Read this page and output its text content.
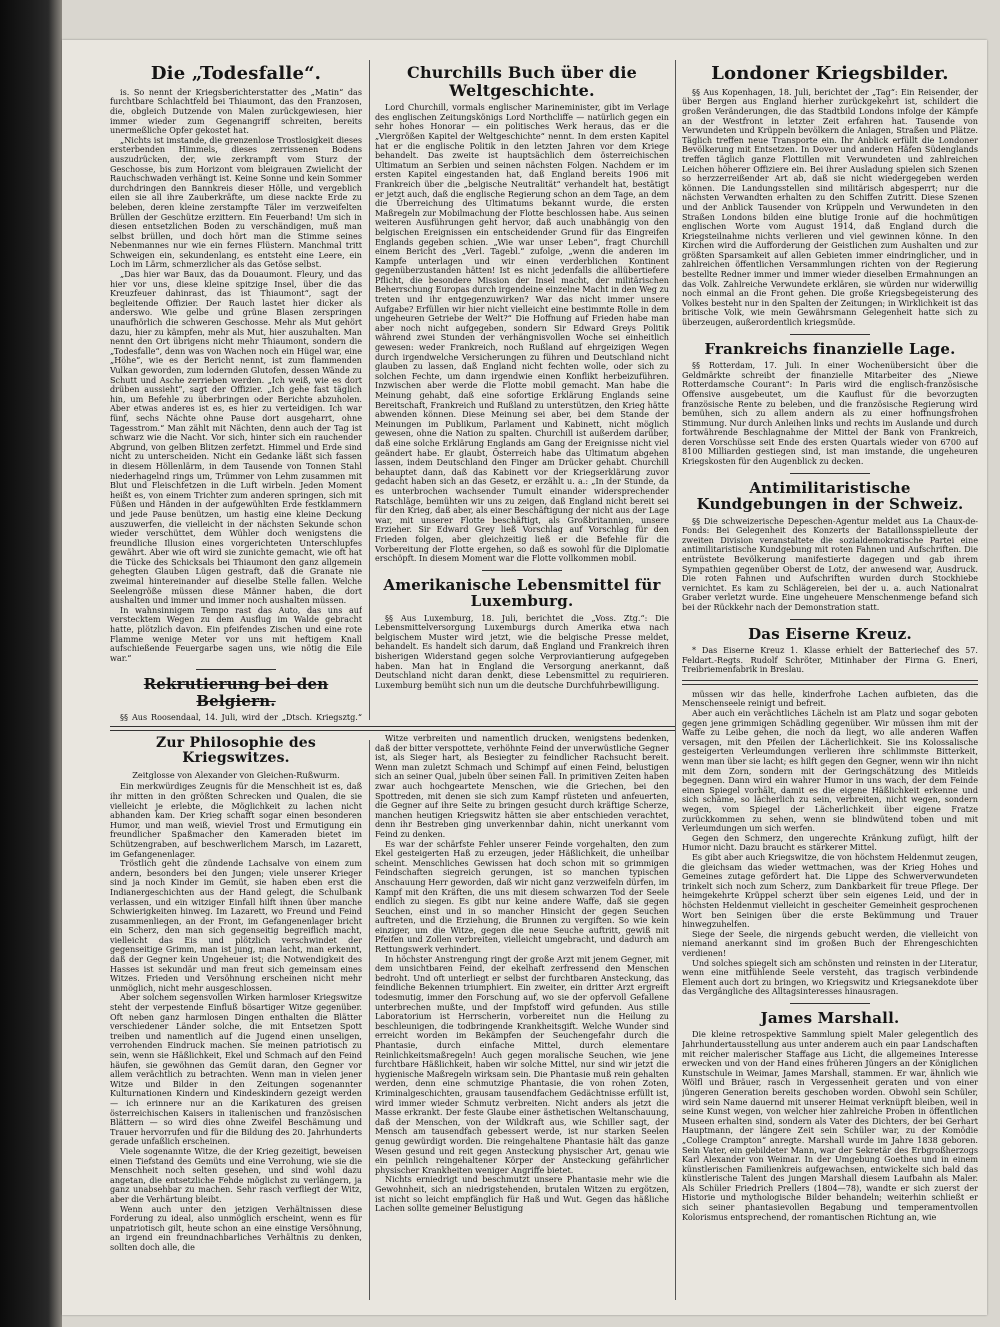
Die „Todesfalle“.

is. So nennt der Kriegsberichterstatter des „Matin“ das furchtbare Schlachtfeld bei Thiaumont, das den Franzosen, die, obgleich Dutzende von Malen zurückgewiesen, hier immer wieder zum Gegenangriff schreiten, bereits unermeßliche Opfer gekostet hat.

„Nichts ist imstande, die grenzenlose Trostlosigkeit dieses ersterbenden Himmels, dieses zerrissenen Bodens auszudrücken, der, wie zerkrampft vom Sturz der Geschosse, bis zum Horizont vom bleigrauen Zwielicht der Rauchschwaden verhängt ist. Keine Sonne und kein Sommer durchdringen den Bannkreis dieser Hölle, und vergeblich eilen sie all ihre Zauberkräfte, um diese nackte Erde zu beleben, deren kleine zerstampfte Täler im verzweifelten Brüllen der Geschütze erzittern. Ein Feuerband! Um sich in diesen entsetzlichen Boden zu verschändigen, muß man selbst brüllen, und doch hört man die Stimme seines Nebenmannes nur wie ein fernes Flüstern. Manchmal tritt Schweigen ein, sekundenlang, es entsteht eine Leere, ein Loch im Lärm, schmerzlicher als das Getöse selbst.

„Das hier war Baux, das da Douaumont. Fleury, und das hier vor uns, diese kleine spitzige Insel, über die das Kreuzfeuer dahinrast, das ist Thiaumont“, sagt der begleitende Offizier. Der Rauch lastet hier dicker als anderswo. Wie gelbe und grüne Blasen zerspringen unaufhörlich die schweren Geschosse. Mehr als Mut gehört dazu, hier zu kämpfen, mehr als Mut, hier auszuhalten. Man nennt den Ort übrigens nicht mehr Thiaumont, sondern die „Todesfalle“, denn was von Wachen noch ein Hügel war, eine „Höhe“, wie es der Bericht nennt, ist zum flammenden Vulkan geworden, zum lodernden Glutofen, dessen Wände zu Schutt und Asche zerrieben werden. „Ich weiß, wie es dort drüben aussieht“, sagt der Offizier. „Ich gehe fast täglich hin, um Befehle zu überbringen oder Berichte abzuholen. Aber etwas anderes ist es, es hier zu verteidigen. Ich war fünf, sechs Nächte ohne Pause dort ausgeharrt, ohne Tagesstrom.“ Man zählt mit Nächten, denn auch der Tag ist schwarz wie die Nacht. Vor sich, hinter sich ein rauchender Abgrund, von gelben Blitzen zerfetzt. Himmel und Erde sind nicht zu unterscheiden. Nicht ein Gedanke läßt sich fassen in diesem Höllenlärm, in dem Tausende von Tonnen Stahl niederhagelnd rings um, Trümmer von Lehm zusammen mit Blut und Fleischfetzen in die Luft wirbeln. Jeden Moment heißt es, von einem Trichter zum anderen springen, sich mit Füßen und Händen in der aufgewühlten Erde festklammern und jede Pause benützen, um hastig eine kleine Deckung auszuwerfen, die vielleicht in der nächsten Sekunde schon wieder verschüttet, dem Wühler doch wenigstens die freundliche Illusion eines vorgerichteten Unterschlupfes gewährt. Aber wie oft wird sie zunichte gemacht, wie oft hat die Tücke des Schicksals bei Thiaumont den ganz allgemein gehegten Glauben Lügen gestraft, daß die Granate nie zweimal hintereinander auf dieselbe Stelle fallen. Welche Seelengröße müssen diese Männer haben, die dort aushalten und immer und immer noch aushalten müssen.

In wahnsinnigem Tempo rast das Auto, das uns auf verstecktem Wegen zu dem Ausflug im Walde gebracht hatte, plötzlich davon. Ein pfeifendes Zischen und eine rote Flamme wenige Meter vor uns mit heftigem Knall aufschießende Feuergarbe sagen uns, wie nötig die Eile war.“

Rekrutierung bei den Belgiern.

§§ Aus Roosendaal, 14. Juli, wird der „Dtsch. Kriegsztg.“

Churchills Buch über die Weltgeschichte.

Lord Churchill, vormals englischer Marineminister, gibt im Verlage des englischen Zeitungskönigs Lord Northcliffe — natürlich gegen ein sehr hohes Honorar — ein politisches Werk heraus, das er die „Viergrößen Kapitel der Weltgeschichte“ nennt. In dem ersten Kapitel hat er die englische Politik in den letzten Jahren vor dem Kriege behandelt. Das zweite ist hauptsächlich dem österreichischen Ultimatum an Serbien und seinen nächsten Folgen. Nachdem er im ersten Kapitel eingestanden hat, daß England bereits 1906 mit Frankreich über die „belgische Neutralität“ verhandelt hat, bestätigt er jetzt auch, daß die englische Regierung schon an dem Tage, an dem die Überreichung des Ultimatums bekannt wurde, die ersten Maßregeln zur Mobilmachung der Flotte beschlossen habe. Aus seinen weiteren Ausführungen geht hervor, daß auch unabhängig von den belgischen Ereignissen ein entscheidender Grund für das Eingreifen Englands gegeben schien. „Wie war unser Leben“, fragt Churchill einem Bericht des „Verl. Tagebl.“ zufolge, „wenn die anderen im Kampfe unterlagen und wir einen verderblichen Kontinent gegenüberzustanden hätten! Ist es nicht jedenfalls die allübertiefere Pflicht, die besondere Mission der Insel macht, der militärischen Beherrschung Europas durch irgendeine einzelne Macht in den Weg zu treten und ihr entgegenzuwirken? War das nicht immer unsere Aufgabe? Erfüllen wir hier nicht vielleicht eine bestimmte Rolle in dem ungeheuren Getriebe der Welt?“ Die Hoffnung auf Frieden habe man aber noch nicht aufgegeben, sondern Sir Edward Greys Politik während zwei Stunden der verhängnisvollen Woche sei einheitlich gewesen: weder Frankreich, noch Rußland auf ehrgeizigen Wegen durch irgendwelche Versicherungen zu führen und Deutschland nicht glauben zu lassen, daß England nicht fechten wolle, oder sich zu solchen Fechte, um dann irgendwie einen Konflikt herbeizuführen. Inzwischen aber werde die Flotte mobil gemacht. Man habe die Meinung gehabt, daß eine sofortige Erklärung Englands seine Bereitschaft, Frankreich und Rußland zu unterstützen, den Krieg hätte abwenden können. Diese Meinung sei aber, bei dem Stande der Meinungen im Publikum, Parlament und Kabinett, nicht möglich gewesen, ohne die Nation zu spalten. Churchill ist außerdem darüber, daß eine solche Erklärung Englands am Gang der Ereignisse nicht viel geändert habe. Er glaubt, Österreich habe das Ultimatum abgehen lassen, indem Deutschland den Finger am Drücker gehabt. Churchill behauptet dann, daß das Kabinett vor der Kriegserklärung zuvor gedacht haben sich an das Gesetz, er erzählt u. a.: „In der Stunde, da es unterbrochen wachsender Tumult einander widersprechender Ratschläge, bemühten wir uns zu zeigen, daß England nicht bereit sei für den Krieg, daß aber, als einer Beschäftigung der nicht aus der Lage war, mit unserer Flotte beschäftigt, als Großbritannien, unsere Erzieher. Sir Edward Grey ließ Vorschlag auf Vorschlag für den Frieden folgen, aber gleichzeitig ließ er die Befehle für die Vorbereitung der Flotte ergehen, so daß es sowohl für die Diplomatie erschöpft. In diesem Moment war die Flotte vollkommen mobil.

Amerikanische Lebensmittel für Luxemburg.

§§ Aus Luxemburg, 18. Juli, berichtet die „Voss. Ztg.“: Die Lebensmittelversorgung Luxemburgs durch Amerika etwa nach belgischem Muster wird jetzt, wie die belgische Presse meldet, behandelt. Es handelt sich darum, daß England und Frankreich ihren bisherigen Widerstand gegen solche Verproviantierung aufgegeben haben. Man hat in England die Versorgung anerkannt, daß Deutschland nicht daran denkt, diese Lebensmittel zu requirieren. Luxemburg bemüht sich nun um die deutsche Durchfuhrbewilligung.

Londoner Kriegsbilder.

§§ Aus Kopenhagen, 18. Juli, berichtet der „Tag“: Ein Reisender, der über Bergen aus England hierher zurückgekehrt ist, schildert die großen Veränderungen, die das Stadtbild Londons infolge der Kämpfe an der Westfront in letzter Zeit erfahren hat. Tausende von Verwundeten und Krüppeln bevölkern die Anlagen, Straßen und Plätze. Täglich treffen neue Transporte ein. Ihr Anblick erfüllt die Londoner Bevölkerung mit Entsetzen. In Dover und anderen Häfen Südenglands treffen täglich ganze Flottillen mit Verwundeten und zahlreichen Leichen höherer Offiziere ein. Bei ihrer Ausladung spielen sich Szenen so herzzerreißender Art ab, daß sie nicht wiedergegeben werden können. Die Landungsstellen sind militärisch abgesperrt; nur die nächsten Verwandten erhalten zu den Schiffen Zutritt. Diese Szenen und der Anblick Tausender von Krüppeln und Verwundeten in den Straßen Londons bilden eine blutige Ironie auf die hochmütigen englischen Worte vom August 1914, daß England durch die Kriegsteilnahme nichts verlieren und viel gewinnen könne. In den Kirchen wird die Aufforderung der Geistlichen zum Aushalten und zur größten Sparsamkeit auf allen Gebieten immer eindringlicher, und in zahlreichen öffentlichen Versammlungen richten von der Regierung bestellte Redner immer und immer wieder dieselben Ermahnungen an das Volk. Zahlreiche Verwundete erklären, sie würden nur widerwillig noch einmal an die Front gehen. Die große Kriegsbegeisterung des Volkes besteht nur in den Spalten der Zeitungen; in Wirklichkeit ist das britische Volk, wie mein Gewährsmann Gelegenheit hatte sich zu überzeugen, außerordentlich kriegsmüde.

Frankreichs finanzielle Lage.

§§ Rotterdam, 17. Juli. In einer Wochenübersicht über die Geldmärkte schreibt der finanzielle Mitarbeiter des „Niewe Rotterdamsche Courant“: In Paris wird die englisch-französische Offensive ausgebeutet, um die Kauflust für die bevorzugten französische Rente zu beleben, und die französische Regierung wird bemühen, sich zu allem andern als zu einer hoffnungsfrohen Stimmung. Nur durch Anleihen links und rechts im Auslande und durch fortwährende Beschlagnahme der Mittel der Bank von Frankreich, deren Vorschüsse seit Ende des ersten Quartals wieder von 6700 auf 8100 Milliarden gestiegen sind, ist man imstande, die ungeheuren Kriegskosten für den Augenblick zu decken.

Antimilitaristische Kundgebungen in der Schweiz.

§§ Die schweizerische Depeschen-Agentur meldet aus La Chaux-de-Fonds: Bei Gelegenheit des Konzerts der Bataillonsspielleute der zweiten Division veranstaltete die sozialdemokratische Partei eine antimilitaristische Kundgebung mit roten Fahnen und Aufschriften. Die entrüstete Bevölkerung manifestierte dagegen und gab ihrem Sympathien gegenüber Oberst de Lotz, der anwesend war, Ausdruck. Die roten Fahnen und Aufschriften wurden durch Stockhiebe vernichtet. Es kam zu Schlägereien, bei der u. a. auch Nationalrat Graber verletzt wurde. Eine ungeheuere Menschenmenge befand sich bei der Rückkehr nach der Demonstration statt.

Das Eiserne Kreuz.

* Das Eiserne Kreuz 1. Klasse erhielt der Batteriechef des 57. Feldart.-Regts. Rudolf Schröter, Mitinhaber der Firma G. Eneri, Treibriemenfabrik in Breslau.

müssen wir das helle, kinderfrohe Lachen aufbieten, das die Menschenseele reinigt und befreit.

Aber auch ein verächtliches Lächeln ist am Platz und sogar geboten gegen jene grimmigen Schädling gegenüber. Wir müssen ihm mit der Waffe zu Leibe gehen, die noch da liegt, wo alle anderen Waffen versagen, mit den Pfeilen der Lächerlichkeit. Sie ins Kolossalische gesteigerten Verleumdungen verlieren ihre schlimmste Bitterkeit, wenn man über sie lacht; es hilft gegen den Gegner, wenn wir ihn nicht mit dem Zorn, sondern mit der Geringschätzung des Mitleids begegnen. Dann wird ein wahrer Humor in uns wach, der dem Feinde einen Spiegel vorhält, damit es die eigene Häßlichkeit erkenne und sich schäme, so lächerlich zu sein, verbreiten, nicht wegen, sondern wegen, vom Spiegel der Lächerlichkeit über eigene Fratze zurückkommen zu sehen, wenn sie blindwütend toben und mit Verleumdungen um sich werfen.

Gegen den Schmerz, den ungerechte Kränkung zufügt, hilft der Humor nicht. Dazu braucht es stärkerer Mittel.

Es gibt aber auch Kriegswitze, die von höchstem Heldenmut zeugen, die gleichsam das wieder wettmachen, was der Krieg Hohes und Gemeines zutage gefördert hat. Die Lippe des Schwerverwundeten trinkelt sich noch zum Scherz, zum Dankbarkeit für treue Pflege. Der heimgekehrte Krüppel scherzt über sein eigenes Leid, und der in höchsten Heldenmut vielleicht in gescheiter Gemeinheit gesprochenen Wort ben Seinigen über die erste Bekümmung und Trauer hinwegzuhelfen.

Siege der Seele, die nirgends gebucht werden, die vielleicht von niemand anerkannt sind im großen Buch der Ehrengeschichten verdienen!

Und solches spiegelt sich am schönsten und reinsten in der Literatur, wenn eine mitfühlende Seele versteht, das tragisch verbindende Element auch dort zu bringen, wo Kriegswitz und Kriegsanekdote über das Vergängliche des Alltagsinteresses hinausragen.

James Marshall.

Die kleine retrospektive Sammlung spielt Maler gelegentlich des Jahrhundertausstellung aus unter anderem auch ein paar Landschaften mit reicher malerischer Staffage aus Licht, die allgemeines Interesse erwecken und von der Hand eines früheren Jüngers an der Königlichen Kunstschule in Weimar, James Marshall, stammen. Er war, ähnlich wie Wölfl und Bräuer, rasch in Vergessenheit geraten und von einer jüngeren Generation bereits geschoben worden. Obwohl sein Schüler, wird sein Name dauernd mit unserer Heimat verknüpft bleiben, weil in seine Kunst wegen, von welcher hier zahlreiche Proben in öffentlichen Museen erhalten sind, sondern als Vater des Dichters, der bei Gerhart Hauptmann, der längere Zeit sein Schüler war, zu der Komödie „College Crampton“ anregte. Marshall wurde im Jahre 1838 geboren. Sein Vater, ein gebildeter Mann, war der Sekretär des Erbgroßherzogs Karl Alexander von Weimar. In der Umgebung Goethes und in einem künstlerischen Familienkreis aufgewachsen, entwickelte sich bald das künstlerische Talent des jungen Marshall diesem Laufbahn als Maler. Als Schüler Friedrich Prellers (1804—78), wandte er sich zuerst der Historie und mythologische Bilder behandeln; weiterhin schließt er sich seiner phantasievollen Begabung und temperamentvollen Kolorismus entsprechend, der romantischen Richtung an, wie

Zur Philosophie des Kriegswitzes.
Zeitglosse von Alexander von Gleichen-Rußwurm.

Ein merkwürdiges Zeugnis für die Menschheit ist es, daß ihr mitten in den größten Schrecken und Qualen, die sie vielleicht je erlebte, die Möglichkeit zu lachen nicht abhanden kam. Der Krieg schafft sogar einen besonderen Humor, und man weiß, wieviel Trost und Ermutigung ein freundlicher Spaßmacher den Kameraden bietet im Schützengraben, auf beschwerlichem Marsch, im Lazarett, im Gefangenenlager.

Tröstlich geht die zündende Lachsalve von einem zum andern, besonders bei den Jungen; viele unserer Krieger sind ja noch Kinder im Gemüt, sie haben eben erst die Indianergeschichten aus der Hand gelegt, die Schulbank verlassen, und ein witziger Einfall hilft ihnen über manche Schwierigkeiten hinweg. Im Lazarett, wo Freund und Feind zusammenliegen, an der Front, im Gefangenenlager bricht ein Scherz, den man sich gegenseitig begreiflich macht, vielleicht das Eis und plötzlich verschwindet der gegenseitige Grimm, man ist jung, man lacht, man erkennt, daß der Gegner kein Ungeheuer ist; die Notwendigkeit des Hasses ist sekundär und man freut sich gemeinsam eines Witzes. Frieden und Versöhnung erscheinen nicht mehr unmöglich, nicht mehr ausgeschlossen.

Aber solchem segensvollen Wirken harmloser Kriegswitze steht der verpestende Einfluß bösartiger Witze gegenüber. Oft neben ganz harmlosen Dingen enthalten die Blätter verschiedener Länder solche, die mit Entsetzen Spott treiben und namentlich auf die Jugend einen unseligen, verrohenden Eindruck machen. Sie meinen patriotisch zu sein, wenn sie Häßlichkeit, Ekel und Schmach auf den Feind häufen, sie gewöhnen das Gemüt daran, den Gegner vor allem verächtlich zu betrachten. Wenn man in vielen jener Witze und Bilder in den Zeitungen sogenannter Kulturnationen Kindern und Kindeskindern gezeigt werden — ich erinnere nur an die Karikaturen des greisen österreichischen Kaisers in italienischen und französischen Blättern — so wird dies ohne Zweifel Beschämung und Trauer hervorrufen und für die Bildung des 20. Jahrhunderts gerade unfaßlich erscheinen.

Viele sogenannte Witze, die der Krieg gezeitigt, beweisen einen Tiefstand des Gemüts und eine Verrohung, wie sie die Menschheit noch selten gesehen, und sind wohl dazu angetan, die entsetzliche Fehde möglichst zu verlängern, ja ganz unabsehbar zu machen. Sehr rasch verfliegt der Witz, aber die Verhärtung bleibt.

Wenn auch unter den jetzigen Verhältnissen diese Forderung zu ideal, also unmöglich erscheint, wenn es für unpatriotisch gilt, heute schon an eine einstige Versöhnung, an irgend ein freundnachbarliches Verhältnis zu denken, sollten doch alle, die

Witze verbreiten und namentlich drucken, wenigstens bedenken, daß der bitter verspottete, verhöhnte Feind der unverwüstliche Gegner ist, als Sieger hart, als Besiegter zu feindlicher Rachsucht bereit. Wenn man zuletzt Schmach und Schimpf auf einen Feind, belustigen sich an seiner Qual, jubeln über seinen Fall. In primitiven Zeiten haben zwar auch hochgeartete Menschen, wie die Griechen, bei den Spottreden, mit denen sie sich zum Kampf rüsteten und anfeuerten, die Gegner auf ihre Seite zu bringen gesucht durch kräftige Scherze, manchen heutigen Kriegswitz hätten sie aber entschieden verachtet, denn ihr Bestreben ging unverkennbar dahin, nicht unerkannt vom Feind zu denken.

Es war der schärfste Fehler unserer Feinde vorgehalten, den zum Ekel gesteigerten Haß zu erzeugen, jeder Häßlichkeit, die unheilbar scheint. Menschliches Gewissen hat doch schon mit so grimmigen Feindschaften siegreich gerungen, ist so manchen typischen Anschauung Herr geworden, daß wir nicht ganz verzweifeln dürfen, im Kampf mit den Kräften, die uns mit diesem schwarzen Tod der Seele endlich zu siegen. Es gibt nur keine andere Waffe, daß sie gegen Seuchen, einst und in so mancher Hinsicht der gegen Seuchen auftreten, und die Erziehung, die Brunnen zu vergiften. So wie kein einziger, um die Witze, gegen die neue Seuche auftritt, gewiß mit Pfeifen und Zollen verbreiten, vielleicht umgebracht, und dadurch am Rettungswerk verhindert.

In höchster Anstrengung ringt der große Arzt mit jenem Gegner, mit dem unsichtbaren Feind, der ekelhaft zerfressend den Menschen bedroht. Und oft unterliegt er selbst der furchtbaren Ansteckung, das feindliche Bekennen triumphiert. Ein zweiter, ein dritter Arzt ergreift todesmutig, immer den Forschung auf, wo sie der opfervoll Gefallene unterbrechen mußte, und der Impfstoff wird gefunden. Aus stille Laboratorium ist Herrscherin, vorbereitet nun die Heilung zu beschleunigen, die todbringende Krankheitsgift. Welche Wunder sind erreicht worden im Bekämpfen der Seuchengefahr durch die Phantasie, durch einfache Mittel, durch elementare Reinlichkeitsmaßregeln! Auch gegen moralische Seuchen, wie jene furchtbare Häßlichkeit, haben wir solche Mittel, nur sind wir jetzt die hygienische Maßregeln wirksam sein. Die Phantasie muß rein gehalten werden, denn eine schmutzige Phantasie, die von rohen Zoten, Kriminalgeschichten, grausam tausendfachem Gedächtnisse erfüllt ist, wird immer wieder Schmutz verbreiten. Nicht anders als jetzt die Masse erkrankt. Der feste Glaube einer ästhetischen Weltanschauung, daß der Menschen, von der Wildkraft aus, wie Schiller sagt, der Mensch am tausendfach gebessert werde, ist nur starken Seelen genug gewürdigt worden. Die reingehaltene Phantasie hält das ganze Wesen gesund und reit gegen Ansteckung physischer Art, genau wie ein peinlich reingehaltener Körper der Ansteckung gefährlicher physischer Krankheiten weniger Angriffe bietet.

Nichts erniedrigt und beschmutzt unsere Phantasie mehr wie die Gewohnheit, sich an niedrigstehenden, brutalen Witzen zu ergötzen, ist nicht so leicht empfänglich für Haß und Wut. Gegen das häßliche Lachen sollte gemeiner Belustigung
